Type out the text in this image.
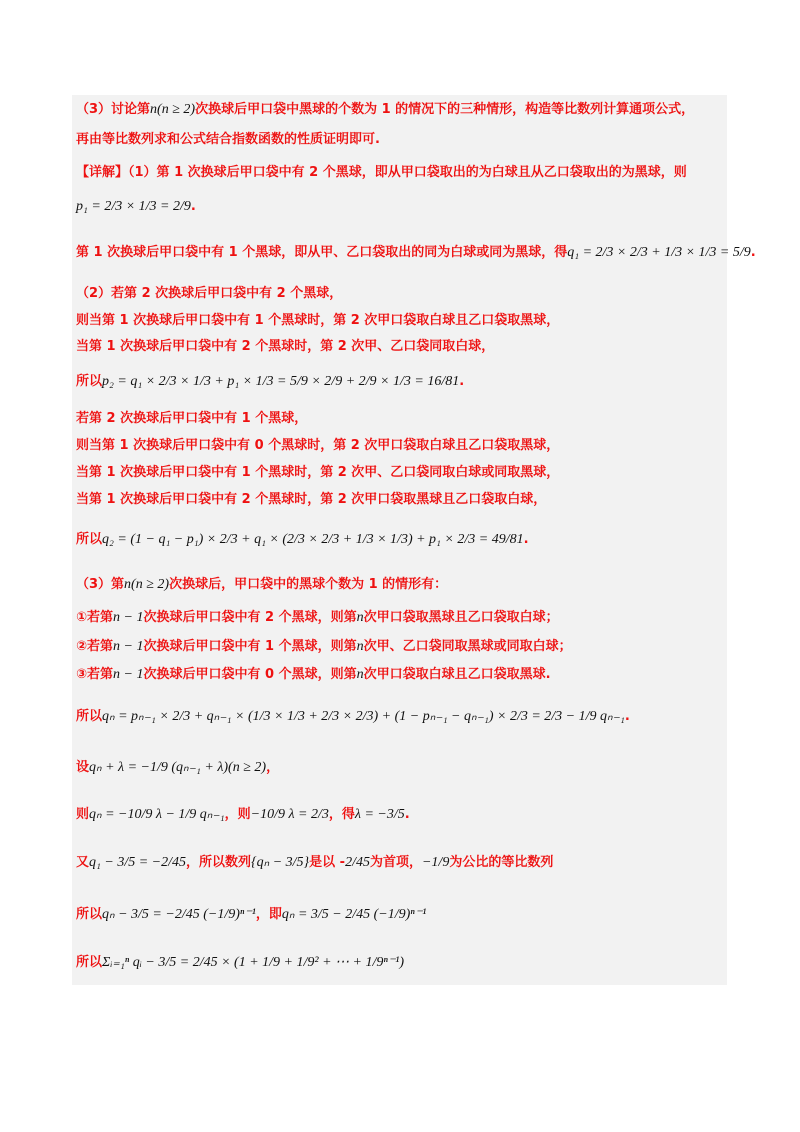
（3）讨论第n(n ≥ 2)次换球后甲口袋中黑球的个数为 1 的情况下的三种情形，构造等比数列计算通项公式，
再由等比数列求和公式结合指数函数的性质证明即可.
【详解】（1）第 1 次换球后甲口袋中有 2 个黑球，即从甲口袋取出的为白球且从乙口袋取出的为黑球，则
p₁ = 2/3 × 1/3 = 2/9.
第 1 次换球后甲口袋中有 1 个黑球，即从甲、乙口袋取出的同为白球或同为黑球，得q₁ = 2/3 × 2/3 + 1/3 × 1/3 = 5/9.
（2）若第 2 次换球后甲口袋中有 2 个黑球，
则当第 1 次换球后甲口袋中有 1 个黑球时，第 2 次甲口袋取白球且乙口袋取黑球，
当第 1 次换球后甲口袋中有 2 个黑球时，第 2 次甲、乙口袋同取白球，
所以p₂ = q₁ × 2/3 × 1/3 + p₁ × 1/3 = 5/9 × 2/9 + 2/9 × 1/3 = 16/81.
若第 2 次换球后甲口袋中有 1 个黑球，
则当第 1 次换球后甲口袋中有 0 个黑球时，第 2 次甲口袋取白球且乙口袋取黑球，
当第 1 次换球后甲口袋中有 1 个黑球时，第 2 次甲、乙口袋同取白球或同取黑球，
当第 1 次换球后甲口袋中有 2 个黑球时，第 2 次甲口袋取黑球且乙口袋取白球，
所以q₂ = (1 − q₁ − p₁) × 2/3 + q₁ × (2/3 × 2/3 + 1/3 × 1/3) + p₁ × 2/3 = 49/81.
（3）第n(n ≥ 2)次换球后，甲口袋中的黑球个数为 1 的情形有：
①若第n − 1次换球后甲口袋中有 2 个黑球，则第n次甲口袋取黑球且乙口袋取白球；
②若第n − 1次换球后甲口袋中有 1 个黑球，则第n次甲、乙口袋同取黑球或同取白球；
③若第n − 1次换球后甲口袋中有 0 个黑球，则第n次甲口袋取白球且乙口袋取黑球.
所以qₙ = pₙ₋₁ × 2/3 + qₙ₋₁ × (1/3 × 1/3 + 2/3 × 2/3) + (1 − pₙ₋₁ − qₙ₋₁) × 2/3 = 2/3 − 1/9 qₙ₋₁.
设qₙ + λ = −1/9 (qₙ₋₁ + λ)(n ≥ 2)，
则qₙ = −10/9 λ − 1/9 qₙ₋₁，则−10/9 λ = 2/3，得λ = −3/5.
又q₁ − 3/5 = −2/45，所以数列{qₙ − 3/5}是以 -2/45为首项，−1/9为公比的等比数列
所以qₙ − 3/5 = −2/45 (−1/9)ⁿ⁻¹，即qₙ = 3/5 − 2/45 (−1/9)ⁿ⁻¹
所以Σᵢ₌₁ⁿ qᵢ − 3/5 = 2/45 × (1 + 1/9 + 1/9² + ⋯ + 1/9ⁿ⁻¹)
